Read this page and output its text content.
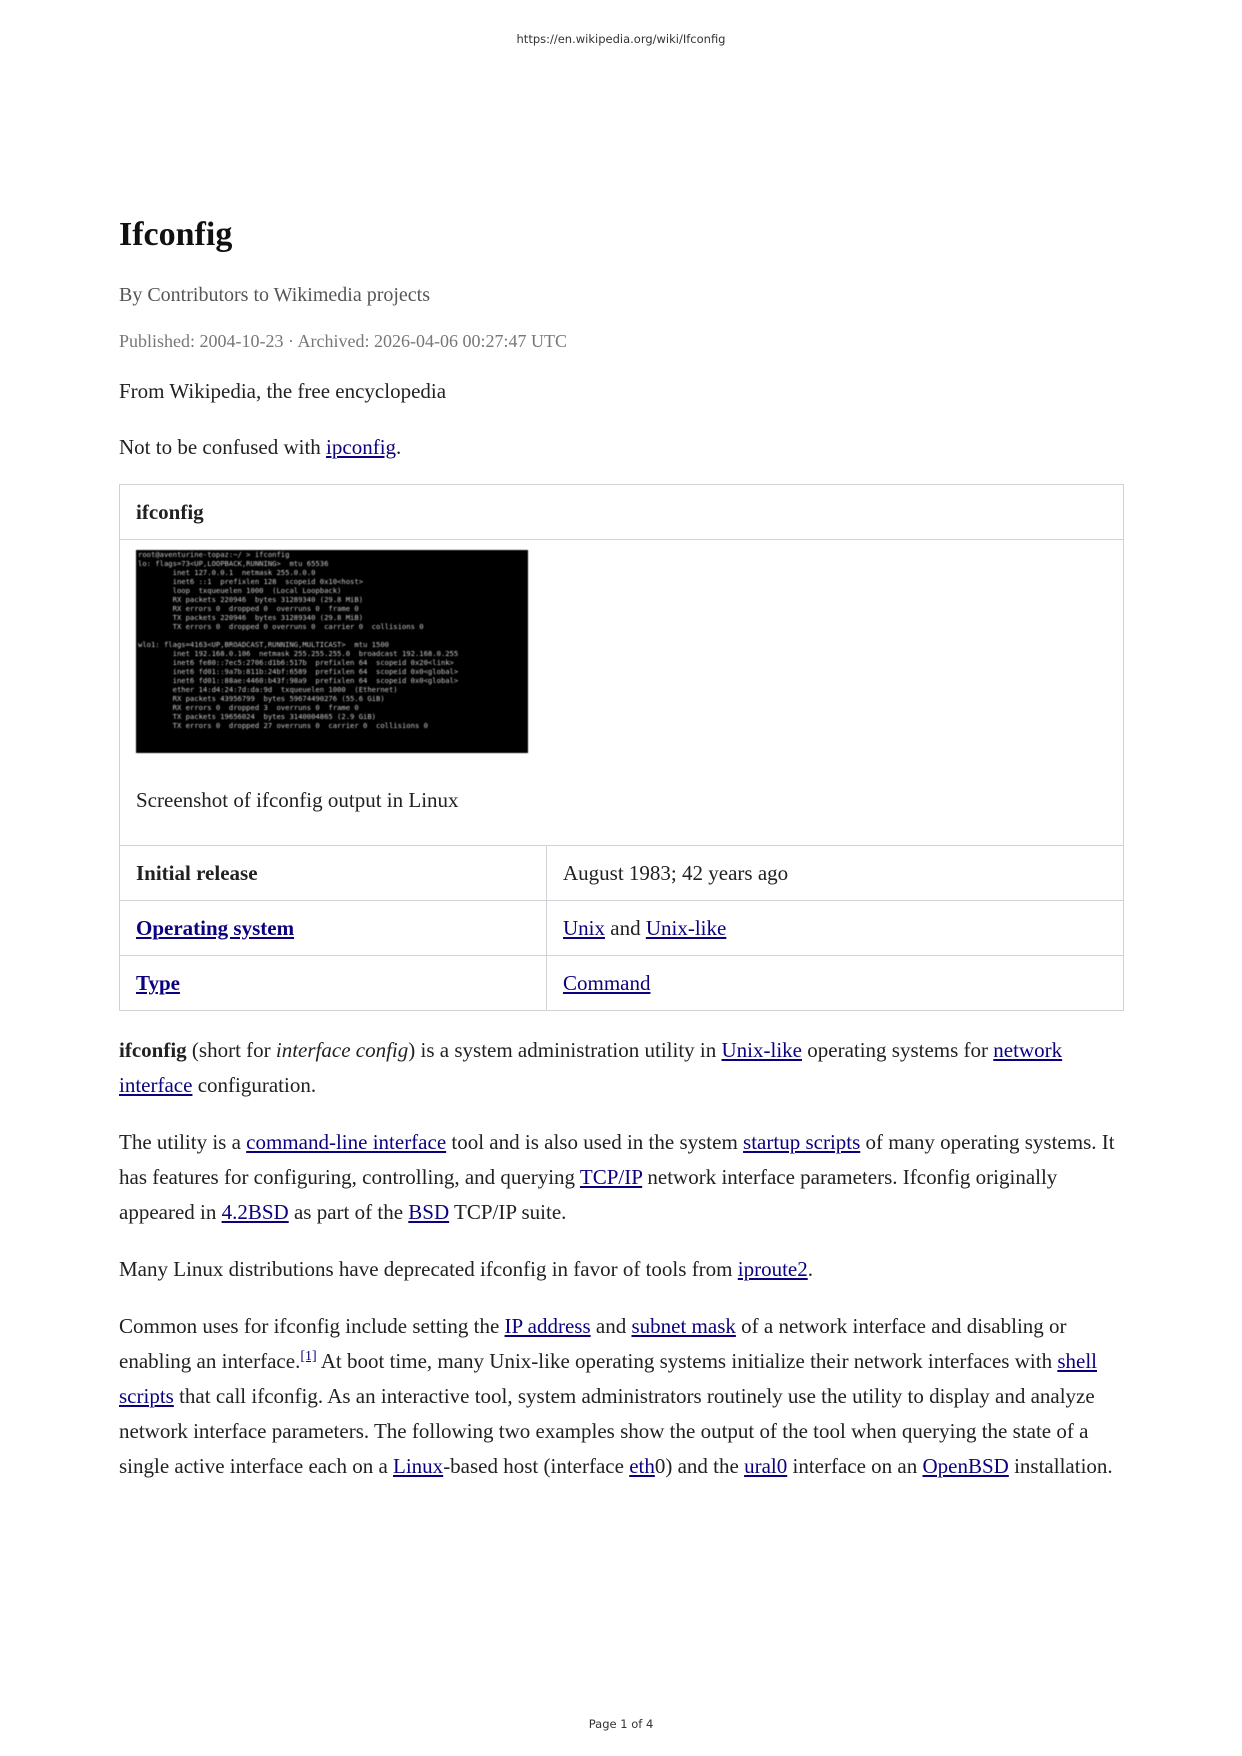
https://en.wikipedia.org/wiki/Ifconfig
Ifconfig
By Contributors to Wikimedia projects
Published: 2004-10-23 · Archived: 2026-04-06 00:27:47 UTC

From Wikipedia, the free encyclopedia

Not to be confused with ipconfig.

ifconfig
root@aventurine-topaz:~/ > ifconfig
lo: flags=73<UP,LOOPBACK,RUNNING>  mtu 65536
inet 127.0.0.1  netmask 255.0.0.0
inet6 ::1  prefixlen 128  scopeid 0x10<host>
loop  txqueuelen 1000  (Local Loopback)
RX packets 220946  bytes 31289340 (29.8 MiB)
RX errors 0  dropped 0  overruns 0  frame 0
TX packets 220946  bytes 31289340 (29.8 MiB)
TX errors 0  dropped 0 overruns 0  carrier 0  collisions 0

wlo1: flags=4163<UP,BROADCAST,RUNNING,MULTICAST>  mtu 1500
inet 192.168.0.106  netmask 255.255.255.0  broadcast 192.168.0.255
inet6 fe80::7ec5:2706:d1b6:517b  prefixlen 64  scopeid 0x20<link>
inet6 fd01::9a7b:811b:24bf:6589  prefixlen 64  scopeid 0x0<global>
inet6 fd01::88ae:4460:b43f:98a9  prefixlen 64  scopeid 0x0<global>
ether 14:d4:24:7d:da:9d  txqueuelen 1000  (Ethernet)
RX packets 43956799  bytes 59674490276 (55.6 GiB)
RX errors 0  dropped 3  overruns 0  frame 0
TX packets 19656024  bytes 3140004865 (2.9 GiB)
TX errors 0  dropped 27 overruns 0  carrier 0  collisions 0
Screenshot of ifconfig output in Linux
Initial release	August 1983; 42 years ago
Operating system	Unix and Unix-like
Type	Command

ifconfig (short for interface config) is a system administration utility in Unix-like operating systems for network interface configuration.

The utility is a command-line interface tool and is also used in the system startup scripts of many operating systems. It has features for configuring, controlling, and querying TCP/IP network interface parameters. Ifconfig originally appeared in 4.2BSD as part of the BSD TCP/IP suite.

Many Linux distributions have deprecated ifconfig in favor of tools from iproute2.

Common uses for ifconfig include setting the IP address and subnet mask of a network interface and disabling or enabling an interface.[1] At boot time, many Unix-like operating systems initialize their network interfaces with shell scripts that call ifconfig. As an interactive tool, system administrators routinely use the utility to display and analyze network interface parameters. The following two examples show the output of the tool when querying the state of a single active interface each on a Linux-based host (interface eth0) and the ural0 interface on an OpenBSD installation.

Page 1 of 4
